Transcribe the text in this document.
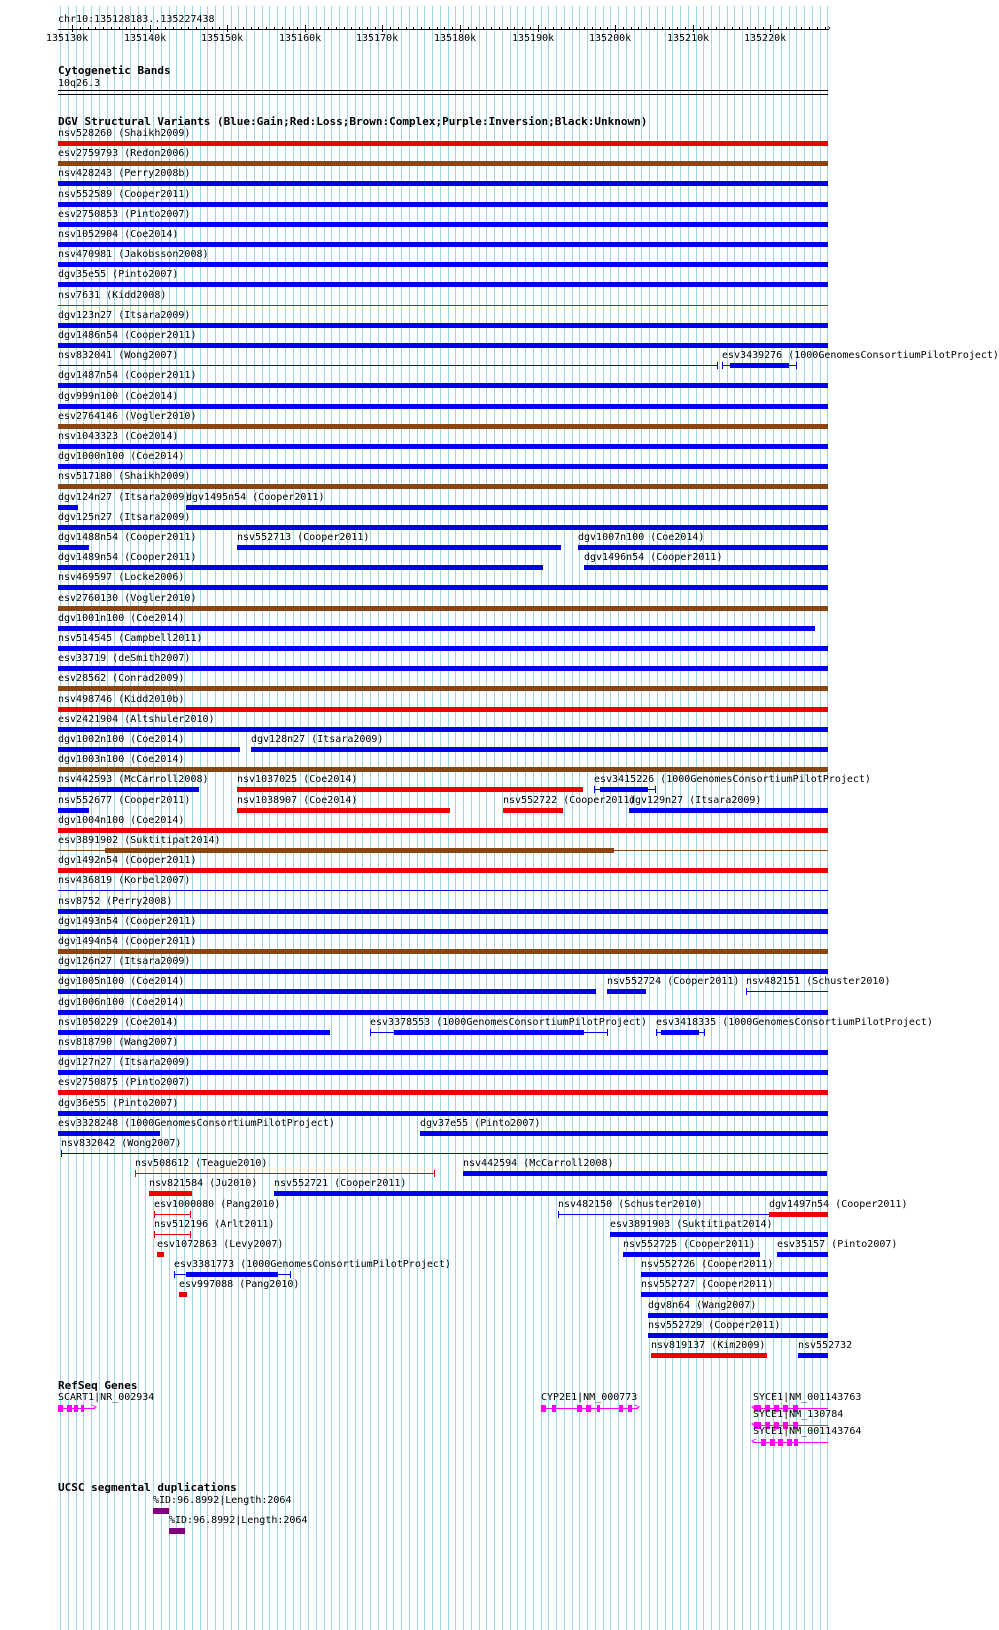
chr10:135128183..135227438
›
135130k	135140k	135150k	135160k	135170k	135180k	135190k	135200k	135210k	135220k
Cytogenetic Bands
10q26.3
DGV Structural Variants (Blue:Gain;Red:Loss;Brown:Complex;Purple:Inversion;Black:Unknown)
nsv528260 (Shaikh2009)
esv2759793 (Redon2006)
nsv428243 (Perry2008b)
nsv552589 (Cooper2011)
esv2750853 (Pinto2007)
nsv1052904 (Coe2014)
nsv470981 (Jakobsson2008)
dgv35e55 (Pinto2007)
nsv7631 (Kidd2008)
dgv123n27 (Itsara2009)
dgv1486n54 (Cooper2011)
nsv832041 (Wong2007)	esv3439276 (1000GenomesConsortiumPilotProject)
dgv1487n54 (Cooper2011)
dgv999n100 (Coe2014)
esv2764146 (Vogler2010)
nsv1043323 (Coe2014)
dgv1000n100 (Coe2014)
nsv517180 (Shaikh2009)
dgv124n27 (Itsara2009)
dgv1495n54 (Cooper2011)
dgv125n27 (Itsara2009)
dgv1488n54 (Cooper2011)	nsv552713 (Cooper2011)	dgv1007n100 (Coe2014)
dgv1489n54 (Cooper2011)	dgv1496n54 (Cooper2011)
nsv469597 (Locke2006)
esv2760130 (Vogler2010)
dgv1001n100 (Coe2014)
nsv514545 (Campbell2011)
esv33719 (deSmith2007)
esv28562 (Conrad2009)
nsv498746 (Kidd2010b)
esv2421904 (Altshuler2010)
dgv1002n100 (Coe2014)	dgv128n27 (Itsara2009)
dgv1003n100 (Coe2014)
nsv442593 (McCarroll2008)	nsv1037025 (Coe2014)	esv3415226 (1000GenomesConsortiumPilotProject)
nsv552677 (Cooper2011)	nsv1038907 (Coe2014)	nsv552722 (Cooper2011)
dgv129n27 (Itsara2009)
dgv1004n100 (Coe2014)
esv3891902 (Suktitipat2014)
dgv1492n54 (Cooper2011)
nsv436819 (Korbel2007)
nsv8752 (Perry2008)
dgv1493n54 (Cooper2011)
dgv1494n54 (Cooper2011)
dgv126n27 (Itsara2009)
dgv1005n100 (Coe2014)	nsv552724 (Cooper2011) nsv482151 (Schuster2010)
dgv1006n100 (Coe2014)
nsv1050229 (Coe2014)	esv3378553 (1000GenomesConsortiumPilotProject) esv3418335 (1000GenomesConsortiumPilotProject)
nsv818790 (Wang2007)
dgv127n27 (Itsara2009)
esv2750875 (Pinto2007)
dgv36e55 (Pinto2007)
esv3328248 (1000GenomesConsortiumPilotProject)	dgv37e55 (Pinto2007)
nsv832042 (Wong2007)
nsv508612 (Teague2010)	nsv442594 (McCarroll2008)
nsv821584 (Ju2010) nsv552721 (Cooper2011)
esv1000080 (Pang2010)	nsv482150 (Schuster2010)	dgv1497n54 (Cooper2011)
nsv512196 (Arlt2011)	esv3891903 (Suktitipat2014)
esv1072863 (Levy2007)	nsv552725 (Cooper2011) esv35157 (Pinto2007)
esv3381773 (1000GenomesConsortiumPilotProject)	nsv552726 (Cooper2011)
esv997088 (Pang2010)	nsv552727 (Cooper2011)
dgv8n64 (Wang2007)
nsv552729 (Cooper2011)
nsv819137 (Kim2009)	nsv552732
RefSeq Genes
SCART1|NR_002934
>
CYP2E1|NM_000773
>
SYCE1|NM_001143763
<
SYCE1|NM_130784
<
SYCE1|NM_001143764
<
UCSC segmental duplications
%ID:96.8992|Length:2064
%ID:96.8992|Length:2064
